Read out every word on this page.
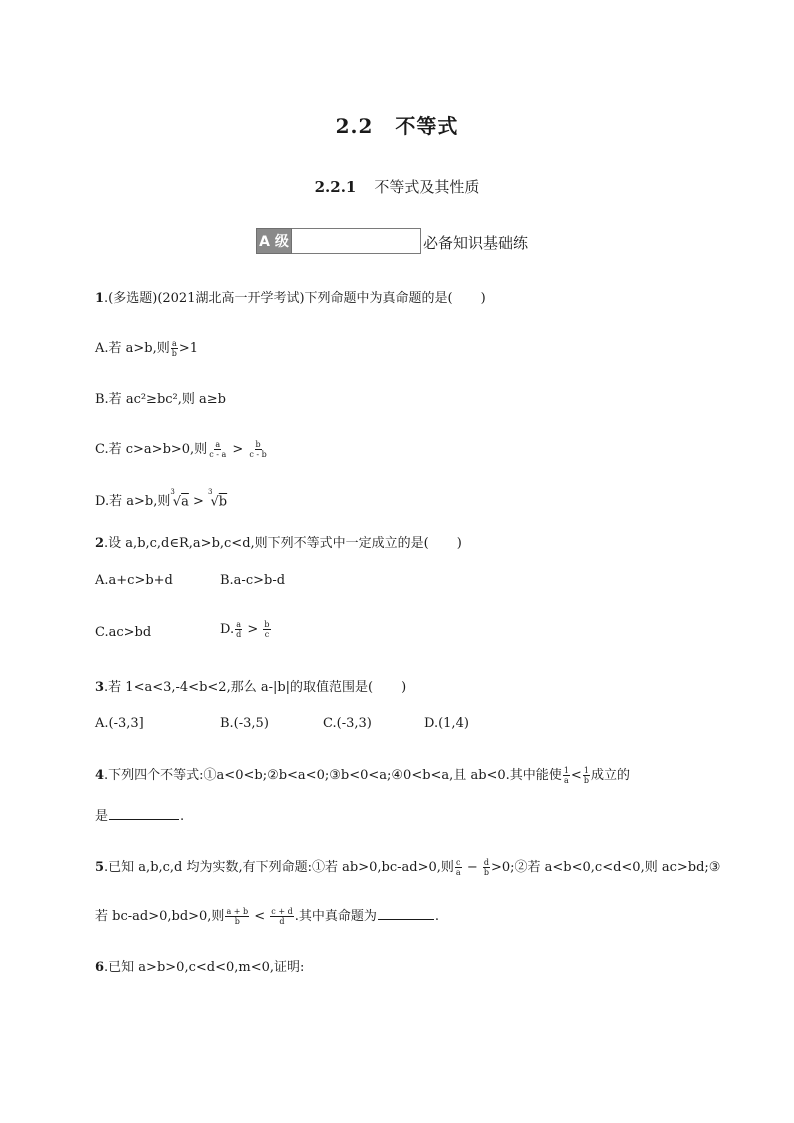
2.2 不等式
2.2.1 不等式及其性质
A 级	必备知识基础练
1.(多选题)(2021湖北高一开学考试)下列命题中为真命题的是( )
A.若 a>b,则 $\frac{a}{b} >1$
B.若 ac²≥bc²,则 a≥b
C.若 c>a>b>0,则 $\frac{a}{c - a} > \frac{b}{c - b}$
D.若 a>b,则$^3$√a > $^3$√b
2.设 a,b,c,d∈R,a>b,c<d,则下列不等式中一定成立的是( )
A.a+c>b+d	B.a-c>b-d
C.ac>bd	D. $\frac{a}{d} > \frac{b}{c}$
3.若 1<a<3,-4<b<2,那么 a-|b|的取值范围是( )
A.(-3,3]	B.(-3,5)	C.(-3,3)	D.(1,4)
4.下列四个不等式:①a<0<b;②b<a<0;③b<0<a;④0<b<a,且 ab<0.其中能使 $\frac{1}{a} < \frac{1}{b}$ 成立的
是	.
5.已知 a,b,c,d 均为实数,有下列命题:①若 ab>0,bc-ad>0,则 $\frac{c}{a} - \frac{d}{b}$ >0;②若 a<b<0,c<d<0,则 ac>bd;③
若 bc-ad>0,bd>0,则 $\frac{a + b}{b} < \frac{c + d}{d}$ .其中真命题为	.
6.已知 a>b>0,c<d<0,m<0,证明:
